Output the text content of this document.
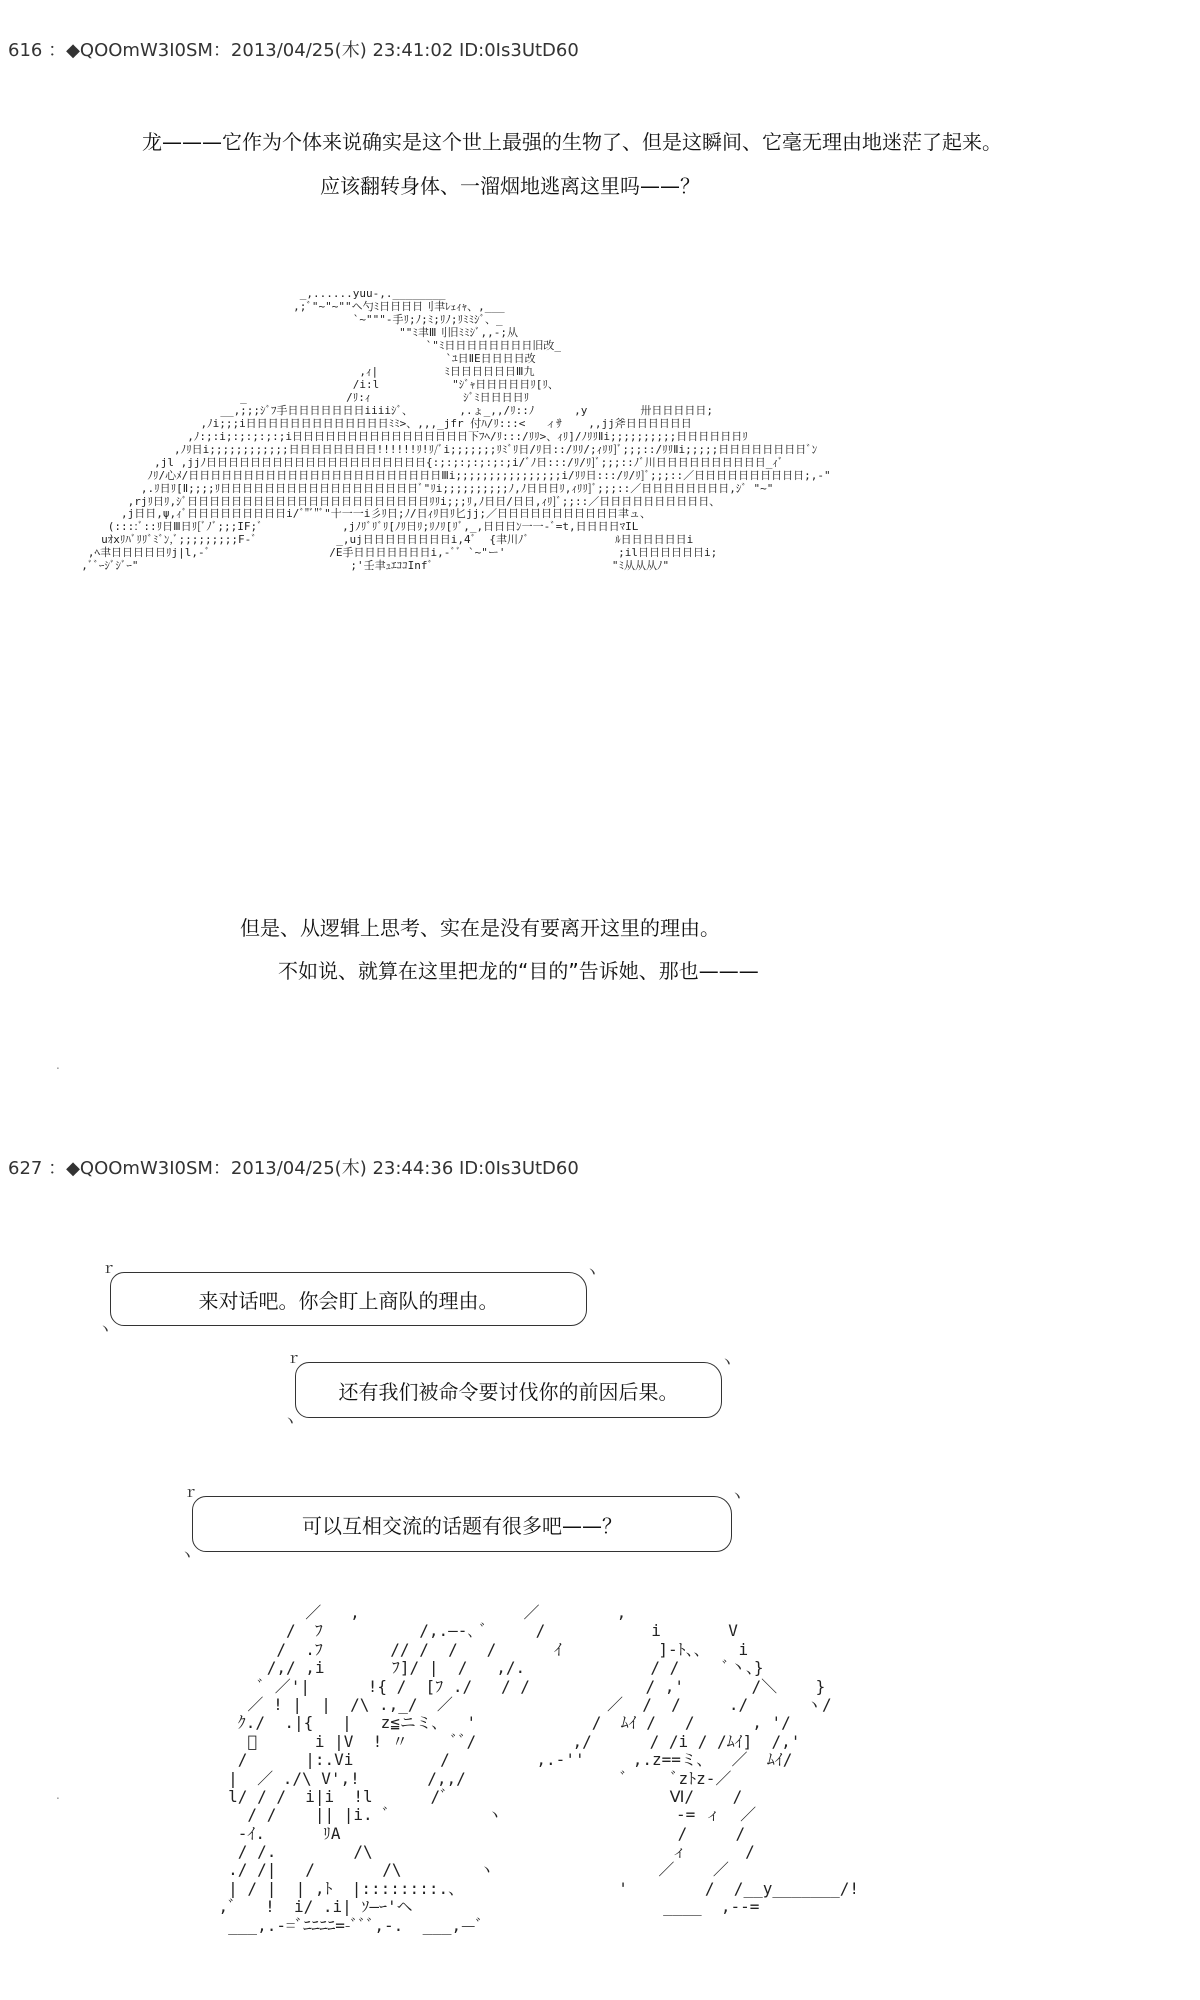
616 ：◆QOOmW3I0SM：2013/04/25(木) 23:41:02 ID:0Is3UtD60
龙———它作为个体来说确实是这个世上最强的生物了、但是这瞬间、它毫无理由地迷茫了起来。
应该翻转身体、一溜烟地逃离这里吗——？
_,......yuu-,.________
,;ﾞ"~"~""ヘ勺ﾐ日日日日刂聿ﾚｪｨｬ、,___
`~"""-手ﾘ;ﾉ;ﾐ;ﾘﾉ;ﾘﾐﾐｼﾞ、_
""ﾐ聿Ⅲ刂旧ﾐﾐｼﾞ,,-;从
`"ﾐ日日日日日日日日旧改_
`ﾕ日ⅡE日日日日改
,ｨ|          ﾐ日日日日日日Ⅲ九
/i:l           "ｼﾞｬ日日日日日ﾘ[ﾘ、
_               /ﾘ:ｨ              ｼﾞﾐ日日日日ﾘ
__,;;;ｼﾞﾌ手日日日日日日日iiiiｼﾞ、       ,.ょ_,,/ﾘ::ﾉ      ,y        卅日日日日日;
,ﾉi;;;i日日日日日日日日日日日日日ﾐﾐ>、,,,_jfr 付ﾊ/ﾘ:::<   ィｻ    ,,jj斧日日日日日日
,ﾉ:;:i;:;:;:;:;i日日日日日日日日日日日日日日日日下ﾌﾍ/ﾘ:::/ﾘﾘ>、ｨﾘ]/ﾉﾘﾘⅡi;;;;;;;;;;日日日日日日ﾘ
,ﾉﾘ日i;;;;;;;;;;;;日日日日日日日日!!!!!!ﾘ!ﾘ/ﾞi;;;;;;;ﾘﾐﾞﾘ日/ﾘ日::/ﾘﾘ/;ｨﾘﾘ]ﾞ;;;::/ﾘﾘⅡi;;;;;日日日日日日日日ﾞﾝ
,jl ,jjﾉ日日日日日日日日日日日日日日日日日日日日{:;:;:;:;:;:;i/ﾞﾉ日:::/ﾘ/ﾘ]ﾞ;;;::ﾉﾞ川日日日日日日日日日日_ｨﾞ
ﾉﾘ/心ﾒ/日日日日日日日日日日日日日日日日日日日日日日日Ⅲi;;;;;;;;;;;;;;;;i/ﾘﾘ日:::/ﾘ/ﾘ]ﾞ;;;::／日日日日日日日日日日;,-"
,.ﾘ日ﾘ[Ⅱ;;;;ﾘ日日日日日日日日日日日日日日日日日日ﾞ"ﾘi;;;;;;;;;;ﾉ,ﾉ日日日ﾘ,ｨﾘﾘ]ﾞ;;;::／日日日日日日日日,ｼﾞ "~"
,rjﾘ日ﾘ,ｼﾞ日日日日日日日日日日日日日日日日日日日日日日ﾘﾘi;;;ﾘ,ﾉ日日/日日,ｨﾘ]ﾞ;;::／日日日日日日日日日日、
,j日日,ψ,ｨﾞ日日日日日日日日日i/ﾞ"ﾞ"ﾞ"十一一i彡ﾘ日;ﾉ/日ｨﾘ日ﾘ匕jj;／日日日日日日日日日日日聿ュ、
(::::ﾞ::ﾘ日Ⅲ日ﾘ[ﾞﾉﾞ;;;IF;ﾞ            ,jﾉﾘﾞﾘﾞﾘ[ﾉﾘ日ﾘ;ﾘﾉﾘ[ﾘﾞ,_,日日日ﾝ一一-ﾞ=t,日日日日ﾏIL
uｵxﾘﾊﾞﾘﾘﾞﾐﾞﾝ,ﾞ;;;;;;;;;F-ﾞ            _,uj日日日日日日日日i,4ﾞ  {聿川ﾉﾞ             ﾙ日日日日日日i
,ﾍ聿日日日日日ﾘj|l,-ﾞ                  /E手日日日日日日日i,-ﾞﾞ `~"ー'                 ;il日日日日日日i;
,ﾞﾞｰｼﾞｼﾞｰ"                                ;'壬聿ｭｴｺｺInfﾞ                           "ﾐ从从从ﾉ"
但是、从逻辑上思考、实在是没有要离开这里的理由。
不如说、就算在这里把龙的“目的”告诉她、那也———
.
627 ：◆QOOmW3I0SM：2013/04/25(木) 23:44:36 ID:0Is3UtD60
ヽ ｒ
来对话吧。你会盯上商队的理由。
ヽ
ヽ ｒ
还有我们被命令要讨伐你的前因后果。
ヽ
ヽ ｒ
可以互相交流的话题有很多吧——？
ヽ
／   ,                 ／        ,
/  ﾌ          /,.—-､ ﾞ     /           i       V
/  .ﾌ       // /  /   /      ｲ          ]-ﾄ、、   i
/,/ ,i       ﾌ]/ |  /   ,/.             / /     ﾞ丶、}
ﾞ ／'|      !{ /  [ﾌ ./   / /            / ,'       /＼    }
／ ! |  |  /\ .,_/  ／                ／  /  /     ./      ヽ/
ｸ./  .|{   |   z≦ニミ、  '            /  ﾑｲ /   /      , '/
ﾞ      i |V  ! 〃     ﾞﾞ/          ,/      / /i / /ﾑｲ]  /,'
/      |:.Vi         /         ,.-''     ,.z==ミ、  ／  ﾑｲ/
|  ／ ./\ V',!       /,,/                ﾞ     ﾞzﾄz-／
l/ / /  i|i  !l      /ﾞ                       Ⅵ/    /
/ /    || |i. ﾞ          ヽ                  -= ィ  ／
-ｲ.      ﾘA                                   /     /
/ /.        /\                               ィ      /
./ /|   /       /\        ヽ                 ／    ／
| / |  | ,ﾄ  |::::::::.、                '        /  /__y_______/!
,ﾞ   !  i/ .i| ｿ—ｰ'ヘ                          ____  ,--=
___,.-=ﾞﾆﾆﾆﾆ=-ﾞﾞﾞ,-.  ___,—ﾞ
.
